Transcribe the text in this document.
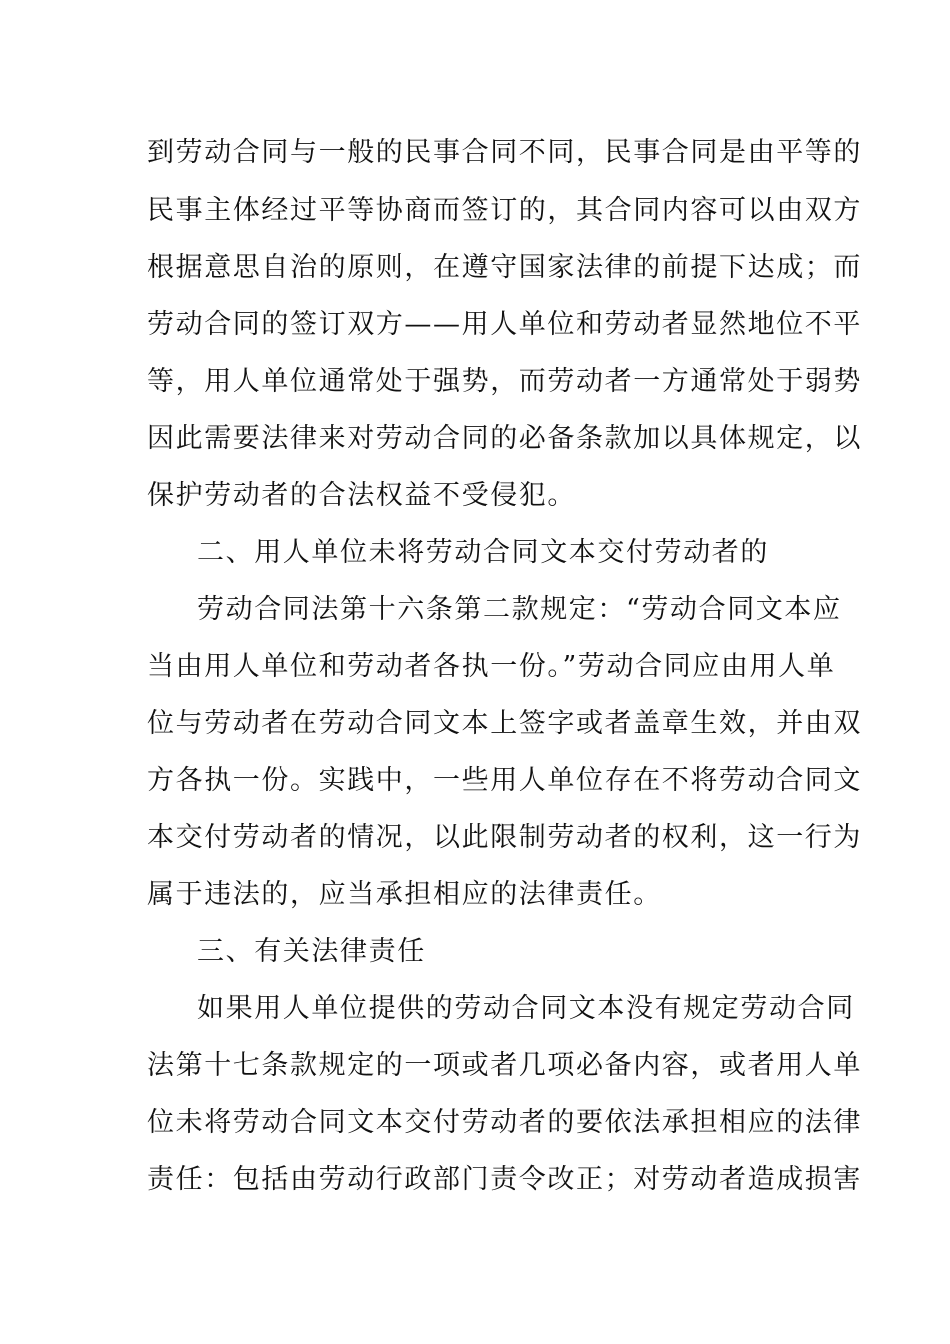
到劳动合同与一般的民事合同不同，民事合同是由平等的
民事主体经过平等协商而签订的，其合同内容可以由双方
根据意思自治的原则，在遵守国家法律的前提下达成；而
劳动合同的签订双方——用人单位和劳动者显然地位不平
等，用人单位通常处于强势，而劳动者一方通常处于弱势
因此需要法律来对劳动合同的必备条款加以具体规定，以
保护劳动者的合法权益不受侵犯。
二、用人单位未将劳动合同文本交付劳动者的
劳动合同法第十六条第二款规定：“劳动合同文本应
当由用人单位和劳动者各执一份。”劳动合同应由用人单
位与劳动者在劳动合同文本上签字或者盖章生效，并由双
方各执一份。实践中，一些用人单位存在不将劳动合同文
本交付劳动者的情况，以此限制劳动者的权利，这一行为
属于违法的，应当承担相应的法律责任。
三、有关法律责任
如果用人单位提供的劳动合同文本没有规定劳动合同
法第十七条款规定的一项或者几项必备内容，或者用人单
位未将劳动合同文本交付劳动者的要依法承担相应的法律
责任：包括由劳动行政部门责令改正；对劳动者造成损害
